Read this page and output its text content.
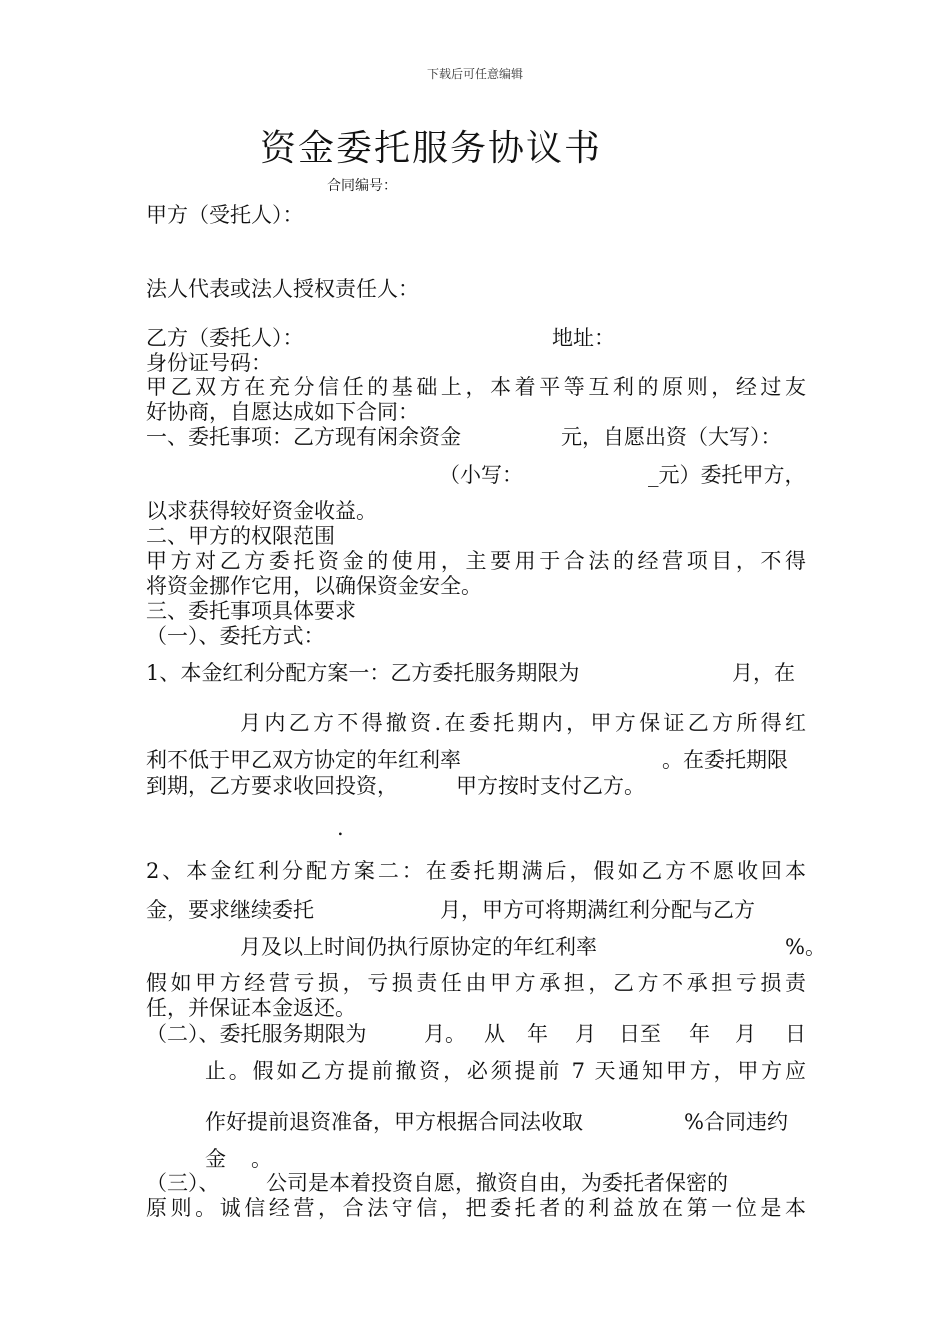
下载后可任意编辑
资金委托服务协议书
合同编号：
甲方（受托人）：
法人代表或法人授权责任人：
乙方（委托人）：	地址：
身份证号码：
甲乙双方在充分信任的基础上，本着平等互利的原则，经过友
好协商，自愿达成如下合同：
一、委托事项：乙方现有闲余资金	元，自愿出资（大写）：
（小写：	_元）委托甲方，
以求获得较好资金收益。
二、甲方的权限范围
甲方对乙方委托资金的使用，主要用于合法的经营项目，不得
将资金挪作它用，以确保资金安全。
三、委托事项具体要求
（一）、委托方式：
1、本金红利分配方案一：乙方委托服务期限为	月，在
月内乙方不得撤资.在委托期内，甲方保证乙方所得红
利不低于甲乙双方协定的年红利率	。在委托期限
到期，乙方要求收回投资，	甲方按时支付乙方。
.
2、本金红利分配方案二：在委托期满后，假如乙方不愿收回本
金，要求继续委托	月，甲方可将期满红利分配与乙方
月及以上时间仍执行原协定的年红利率	%。
假如甲方经营亏损，亏损责任由甲方承担，乙方不承担亏损责
任，并保证本金返还。
（二）、委托服务期限为	月。 从 年 月 日至 年 月 日
止。假如乙方提前撤资，必须提前 7 天通知甲方，甲方应
作好提前退资准备，甲方根据合同法收取	%合同违约
金 。
（三）、 公司是本着投资自愿，撤资自由，为委托者保密的
原则。诚信经营，合法守信，把委托者的利益放在第一位是本
